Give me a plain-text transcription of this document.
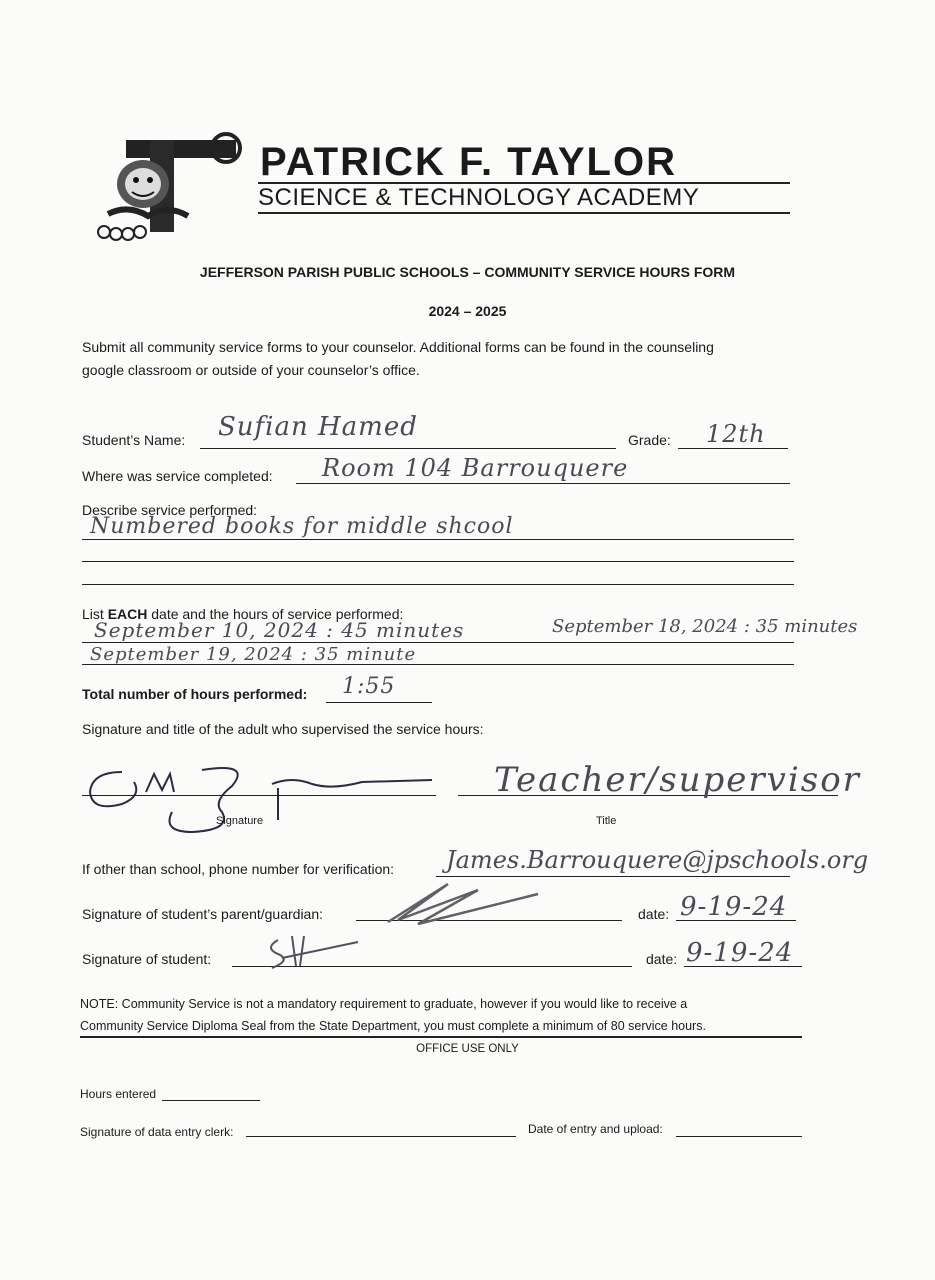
PATRICK F. TAYLOR
SCIENCE & TECHNOLOGY ACADEMY
JEFFERSON PARISH PUBLIC SCHOOLS – COMMUNITY SERVICE HOURS FORM
2024 – 2025
Submit all community service forms to your counselor. Additional forms can be found in the counseling
google classroom or outside of your counselor’s office.
Student’s Name: Sufian Hamed	Grade: 12th
Where was service completed: Room 104 Barrouquere
Describe service performed:
Numbered books for middle shcool
List EACH date and the hours of service performed:
September 10, 2024 : 45 minutes	September 18, 2024 : 35 minutes
September 19, 2024 : 35 minute
Total number of hours performed: 1:55
Signature and title of the adult who supervised the service hours:
Signature
Teacher/supervisor
Title
If other than school, phone number for verification: James.Barrouquere@jpschools.org
Signature of student’s parent/guardian:	date: 9-19-24
Signature of student:	date: 9-19-24
NOTE: Community Service is not a mandatory requirement to graduate, however if you would like to receive a
Community Service Diploma Seal from the State Department, you must complete a minimum of 80 service hours.
OFFICE USE ONLY
Hours entered
Signature of data entry clerk:	Date of entry and upload:
